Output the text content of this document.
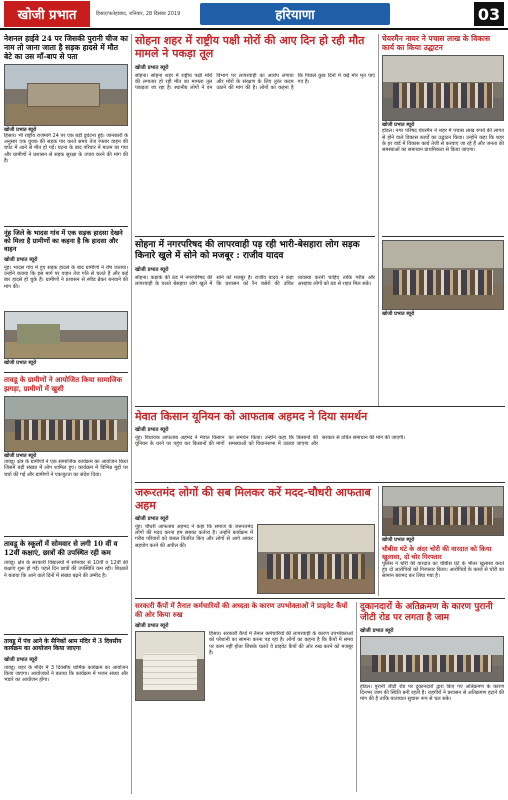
खोजी प्रभात	हिसार/फतेहाबाद, शनिवार, 28 दिसंबर 2019	हरियाणा	03
नेशनल हाईवे 24 पर जिसकी पुरानी चीज का नाम तो जाना जाता है सड़क हादसे में मौत बेटे का उस माँ-बाप से पता
खोजी प्रभात ब्यूरो
हिसार। भी राष्ट्रीय राजमार्ग 24 पर एक बड़ी दुर्घटना हुई। जानकारी के अनुसार एक युवक की सड़क पार करते समय तेज रफ्तार वाहन की चपेट में आने से मौत हो गई। घटना के बाद परिवार में मातम छा गया और ग्रामीणों ने प्रशासन से सड़क सुरक्षा के उपाय करने की मांग की है।
नूंह जिले के भादस गांव में एक सड़क हादसा देखने को मिला है ग्रामीणों का कहना है कि हादसा और वाहन
खोजी प्रभात ब्यूरो
नूंह। भादस गांव में हुए सड़क हादसे के बाद ग्रामीणों ने रोष जताया। उन्होंने बताया कि इस मार्ग पर वाहन तेज गति से चलते हैं और कई बार हादसे हो चुके हैं। ग्रामीणों ने प्रशासन से स्पीड ब्रेकर बनवाने की मांग की।
खोजी प्रभात ब्यूरो
तावडू के ग्रामीणों ने आयोजित किया सामाजिक झगड़ा, ग्रामीणों में खुशी
खोजी प्रभात ब्यूरो
तावडू। क्षेत्र के ग्रामीणों ने एक सामाजिक कार्यक्रम का आयोजन किया जिसमें बड़ी संख्या में लोग शामिल हुए। कार्यक्रम में विभिन्न मुद्दों पर चर्चा की गई और ग्रामीणों ने एकजुटता का संदेश दिया।
तावडू के स्कूलों में सोमवार से लगी 10 वीं व 12वीं कक्षाएं, छात्रों की उपस्थित रही कम
तावडू। क्षेत्र के सरकारी विद्यालयों में सोमवार से 10वीं व 12वीं की कक्षाएं शुरू हो गईं। पहले दिन छात्रों की उपस्थिति कम रही। शिक्षकों ने बताया कि आने वाले दिनों में संख्या बढ़ने की उम्मीद है।
तावडू में पंच आने के सैनिकों श्राम मंदिर में 3 दिवसीय कार्यक्रम का आयोजन किया जाएगा
खोजी प्रभात ब्यूरो
तावडू। शहर के मंदिर में 3 दिवसीय धार्मिक कार्यक्रम का आयोजन किया जाएगा। आयोजकों ने बताया कि कार्यक्रम में भजन संध्या और भंडारे का आयोजन होगा।
सोहना शहर में राष्ट्रीय पक्षी मोरों की आए दिन हो रही मौत मामले ने पकड़ा तूल
खोजी प्रभात ब्यूरो
सोहना। सोहना शहर में राष्ट्रीय पक्षी मोरों की लगातार हो रही मौत का मामला तूल पकड़ता जा रहा है। स्थानीय लोगों ने वन विभाग पर लापरवाही का आरोप लगाया और मोरों के संरक्षण के लिए तुरंत कदम उठाने की मांग की है। लोगों का कहना है कि पिछले कुछ दिनों में कई मोर मृत पाए गए हैं।
सोहना में नगरपरिषद की लापरवाही पड़ रही भारी-बेसहारा लोग सड़क किनारे खुले में सोने को मजबूर : राजीव यादव
खोजी प्रभात ब्यूरो
सोहना। कड़ाके की ठंड में नगरपरिषद की लापरवाही के चलते बेसहारा लोग खुले में सोने को मजबूर हैं। राजीव यादव ने कहा कि प्रशासन को रैन बसेरों की उचित व्यवस्था करनी चाहिए ताकि गरीब और असहाय लोगों को ठंड से राहत मिल सके।
चेयरमैन नायर ने पचास लाख के विकास कार्य का किया उद्घाटन
खोजी प्रभात ब्यूरो
होडल। नगर परिषद चेयरमैन ने शहर में पचास लाख रुपये की लागत से होने वाले विकास कार्यों का उद्घाटन किया। उन्होंने कहा कि शहर के हर वार्ड में विकास कार्य तेजी से करवाए जा रहे हैं और जनता की समस्याओं का समाधान प्राथमिकता से किया जाएगा।
खोजी प्रभात ब्यूरो
मेवात किसान यूनियन को आफताब अहमद ने दिया समर्थन
खोजी प्रभात ब्यूरो
नूंह। विधायक आफताब अहमद ने मेवात किसान यूनियन के धरने पर पहुंच कर किसानों की मांगों का समर्थन किया। उन्होंने कहा कि किसानों की समस्याओं को विधानसभा में उठाया जाएगा और सरकार से उचित समाधान की मांग की जाएगी।
जरूरतमंद लोगों की सब मिलकर करें मदद-चौधरी आफताब अहम
खोजी प्रभात ब्यूरो
नूंह। चौधरी आफताब अहमद ने कहा कि समाज के जरूरतमंद लोगों की मदद करना हम सबका कर्तव्य है। उन्होंने कार्यक्रम में गरीब परिवारों को कंबल वितरित किए और लोगों से आगे आकर सहयोग करने की अपील की।
खोजी प्रभात ब्यूरो
चौबीस घंटे के अंदर चोरी की वारदात को किया खुलासा, दो चोर गिरफ्तार
पुलिस ने चोरी की वारदात का चौबीस घंटे के भीतर खुलासा करते हुए दो आरोपियों को गिरफ्तार किया। आरोपियों के कब्जे से चोरी का सामान बरामद कर लिया गया है।
सरकारी कैंपों में तैनात कर्मचारियों की अध्दता के कारण उपभोक्ताओं ने प्राइवेट कैंपों की ओर किया रुख
खोजी प्रभात ब्यूरो
हिसार। सरकारी कैंपों में तैनात कर्मचारियों की लापरवाही के कारण उपभोक्ताओं को परेशानी का सामना करना पड़ रहा है। लोगों का कहना है कि कैंपों में समय पर काम नहीं होता जिसके चलते वे प्राइवेट कैंपों की ओर रुख करने को मजबूर हैं।
दुकानदारों के अतिक्रमण के कारण पुरानी जीटी रोड पर लगता है जाम
खोजी प्रभात ब्यूरो
होडल। पुरानी जीटी रोड पर दुकानदारों द्वारा किए गए अतिक्रमण के कारण दिनभर जाम की स्थिति बनी रहती है। राहगीरों ने प्रशासन से अतिक्रमण हटाने की मांग की है ताकि यातायात सुचारू रूप से चल सके।
